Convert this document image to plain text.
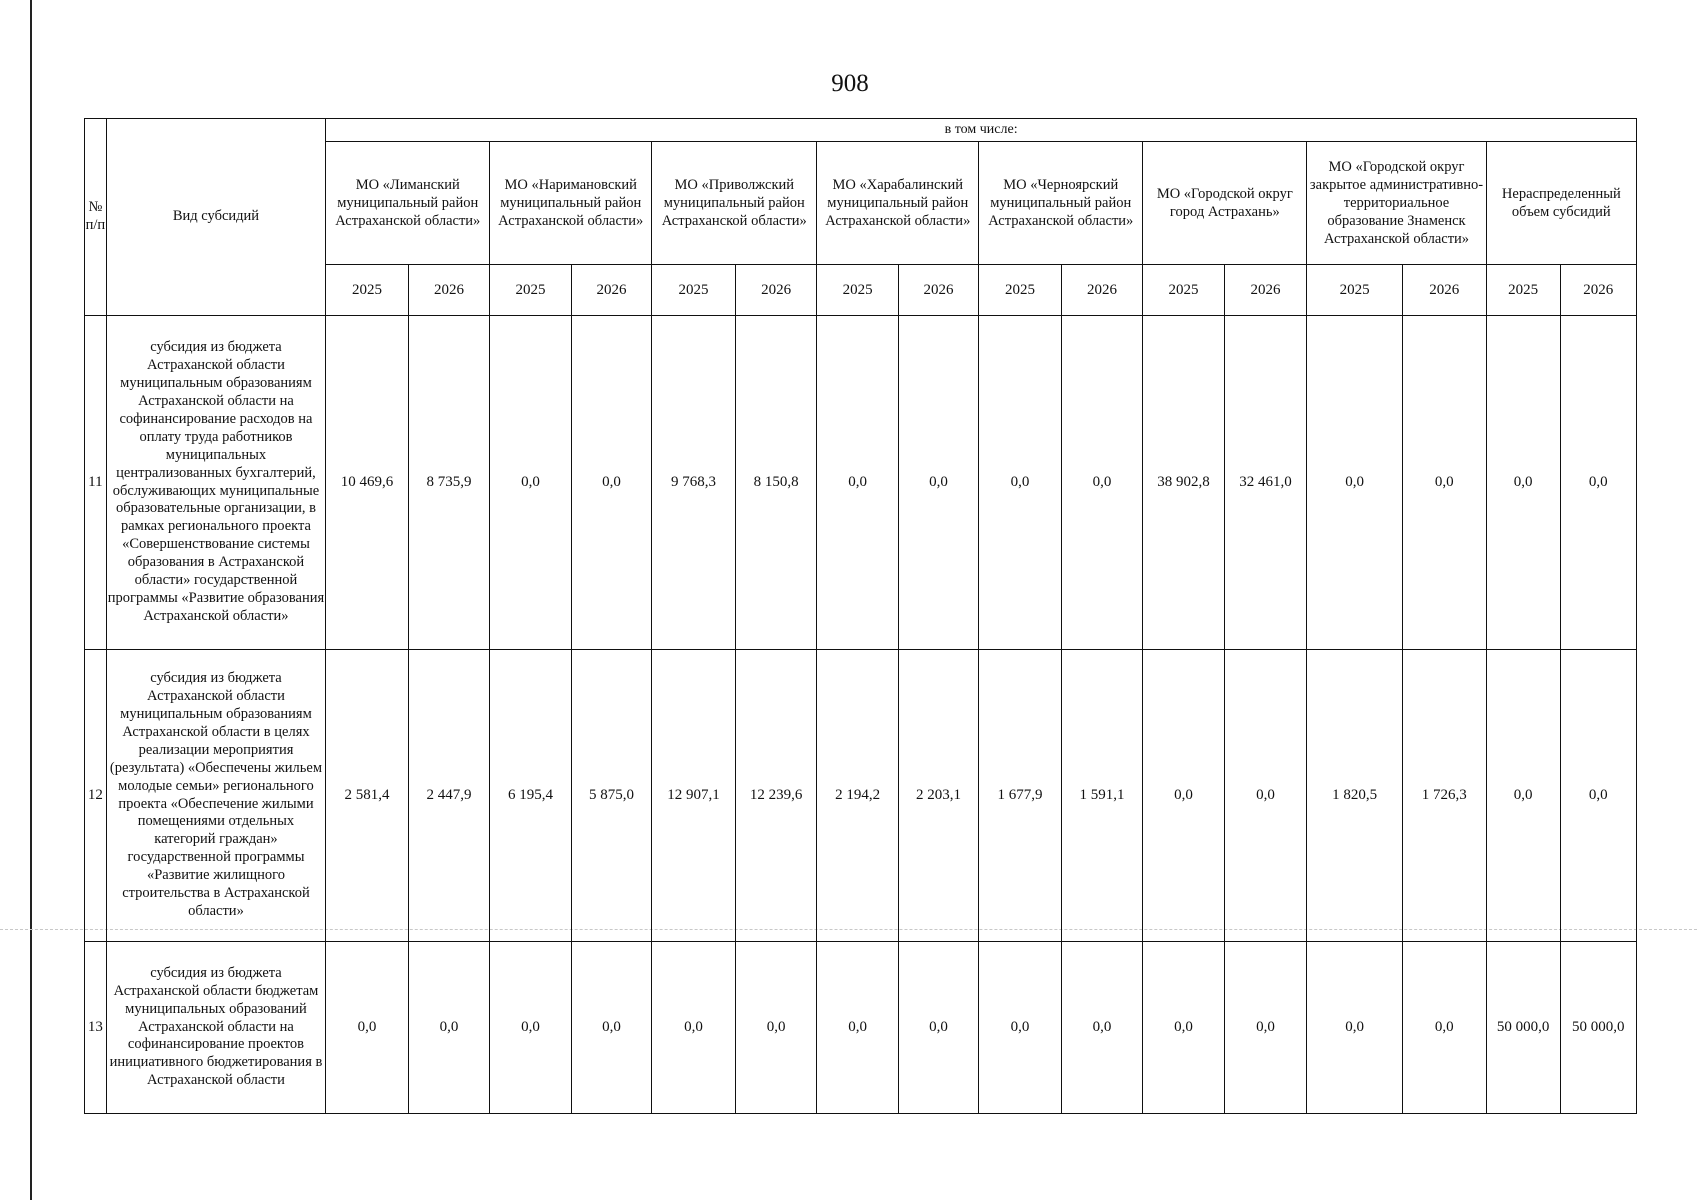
908
№ п/п	Вид субсидий	в том числе:															
		МО «Лиманский муниципальный район Астраханской области»		МО «Наримановский муниципальный район Астраханской области»		МО «Приволжский муниципальный район Астраханской области»		МО «Харабалинский муниципальный район Астраханской области»		МО «Черноярский муниципальный район Астраханской области»		МО «Городской округ город Астрахань»		МО «Городской округ закрытое административно-территориальное образование Знаменск Астраханской области»		Нераспределенный объем субсидий	
		2025	2026	2025	2026	2025	2026	2025	2026	2025	2026	2025	2026	2025	2026	2025	2026
11	субсидия из бюджета Астраханской области муниципальным образованиям Астраханской области на софинансирование расходов на оплату труда работников муниципальных централизованных бухгалтерий, обслуживающих муниципальные образовательные организации, в рамках регионального проекта «Совершенствование системы образования в Астраханской области» государственной программы «Развитие образования Астраханской области»	10 469,6	8 735,9	0,0	0,0	9 768,3	8 150,8	0,0	0,0	0,0	0,0	38 902,8	32 461,0	0,0	0,0	0,0	0,0
12	субсидия из бюджета Астраханской области муниципальным образованиям Астраханской области в целях реализации мероприятия (результата) «Обеспечены жильем молодые семьи» регионального проекта «Обеспечение жилыми помещениями отдельных категорий граждан» государственной программы «Развитие жилищного строительства в Астраханской области»	2 581,4	2 447,9	6 195,4	5 875,0	12 907,1	12 239,6	2 194,2	2 203,1	1 677,9	1 591,1	0,0	0,0	1 820,5	1 726,3	0,0	0,0
13	субсидия из бюджета Астраханской области бюджетам муниципальных образований Астраханской области на софинансирование проектов инициативного бюджетирования в Астраханской области	0,0	0,0	0,0	0,0	0,0	0,0	0,0	0,0	0,0	0,0	0,0	0,0	0,0	0,0	50 000,0	50 000,0
